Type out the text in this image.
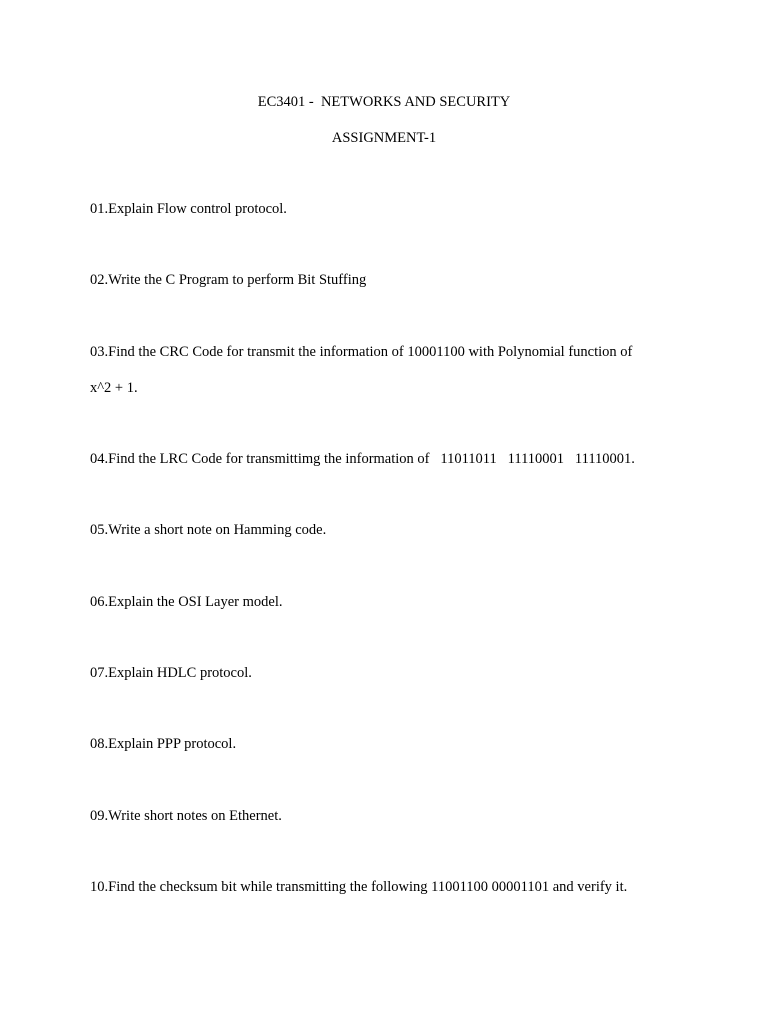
EC3401 -  NETWORKS AND SECURITY
ASSIGNMENT-1
01.Explain Flow control protocol.
02.Write the C Program to perform Bit Stuffing
03.Find the CRC Code for transmit the information of 10001100 with Polynomial function of
x^2 + 1.
04.Find the LRC Code for transmittimg the information of   11011011   11110001   11110001.
05.Write a short note on Hamming code.
06.Explain the OSI Layer model.
07.Explain HDLC protocol.
08.Explain PPP protocol.
09.Write short notes on Ethernet.
10.Find the checksum bit while transmitting the following 11001100 00001101 and verify it.
